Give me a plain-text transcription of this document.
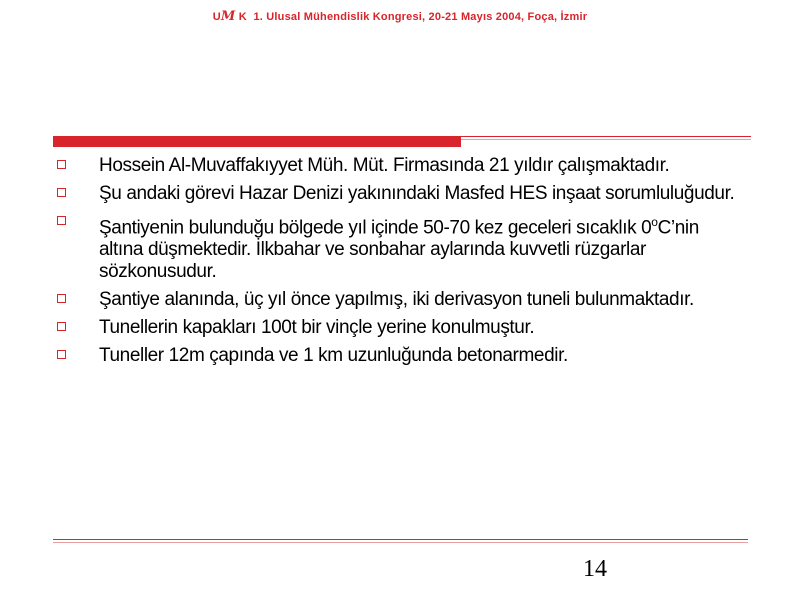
UM K 1. Ulusal Mühendislik Kongresi, 20-21 Mayıs 2004, Foça, İzmir
Hossein Al-Muvaffakıyyet Müh. Müt. Firmasında 21 yıldır çalışmaktadır.
Şu andaki görevi Hazar Denizi yakınındaki Masfed HES inşaat sorumluluğudur.
Şantiyenin bulunduğu bölgede yıl içinde 50-70 kez geceleri sıcaklık 0$^o$C’nin altına düşmektedir. İlkbahar ve sonbahar aylarında kuvvetli rüzgarlar sözkonusudur.
Şantiye alanında, üç yıl önce yapılmış, iki derivasyon tuneli bulunmaktadır.
Tunellerin kapakları 100t bir vinçle yerine konulmuştur.
Tuneller 12m çapında ve 1 km uzunluğunda betonarmedir.
14
